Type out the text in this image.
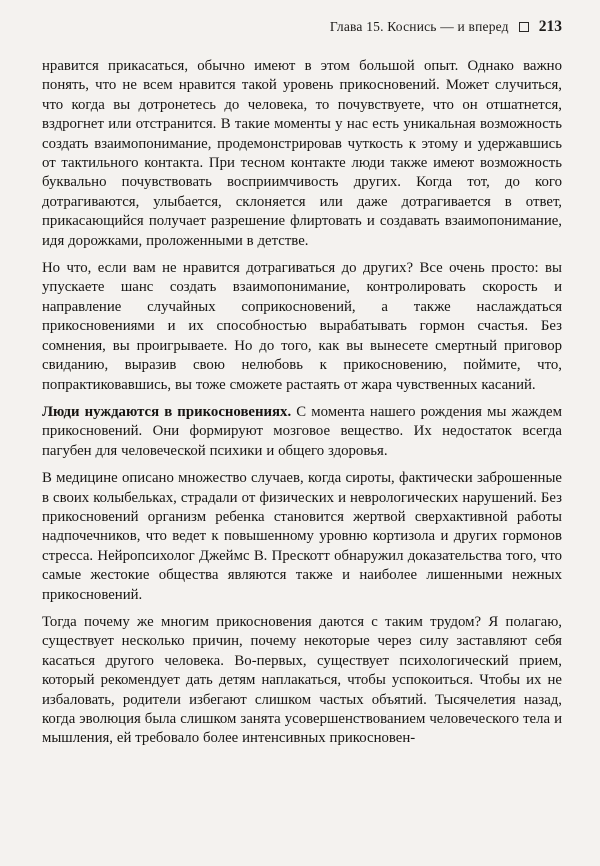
Глава 15. Коснись — и вперед 213

нравится прикасаться, обычно имеют в этом большой опыт. Однако важно понять, что не всем нравится такой уровень прикосновений. Может случиться, что когда вы дотронетесь до человека, то почувствуете, что он отшатнется, вздрогнет или отстранится. В такие моменты у нас есть уникальная возможность создать взаимопонимание, продемонстрировав чуткость к этому и удержавшись от тактильного контакта. При тесном контакте люди также имеют возможность буквально почувствовать восприимчивость других. Когда тот, до кого дотрагиваются, улыбается, склоняется или даже дотрагивается в ответ, прикасающийся получает разрешение флиртовать и создавать взаимопонимание, идя дорожками, проложенными в детстве.

Но что, если вам не нравится дотрагиваться до других? Все очень просто: вы упускаете шанс создать взаимопонимание, контролировать скорость и направление случайных соприкосновений, а также наслаждаться прикосновениями и их способностью вырабатывать гормон счастья. Без сомнения, вы проигрываете. Но до того, как вы вынесете смертный приговор свиданию, выразив свою нелюбовь к прикосновению, поймите, что, попрактиковавшись, вы тоже сможете растаять от жара чувственных касаний.

Люди нуждаются в прикосновениях. С момента нашего рождения мы жаждем прикосновений. Они формируют мозговое вещество. Их недостаток всегда пагубен для человеческой психики и общего здоровья.

В медицине описано множество случаев, когда сироты, фактически заброшенные в своих колыбельках, страдали от физических и неврологических нарушений. Без прикосновений организм ребенка становится жертвой сверхактивной работы надпочечников, что ведет к повышенному уровню кортизола и других гормонов стресса. Нейропсихолог Джеймс В. Прескотт обнаружил доказательства того, что самые жестокие общества являются также и наиболее лишенными нежных прикосновений.

Тогда почему же многим прикосновения даются с таким трудом? Я полагаю, существует несколько причин, почему некоторые через силу заставляют себя касаться другого человека. Во-первых, существует психологический прием, который рекомендует дать детям наплакаться, чтобы успокоиться. Чтобы их не избаловать, родители избегают слишком частых объятий. Тысячелетия назад, когда эволюция была слишком занята усовершенствованием человеческого тела и мышления, ей требовало более интенсивных прикосновен-
